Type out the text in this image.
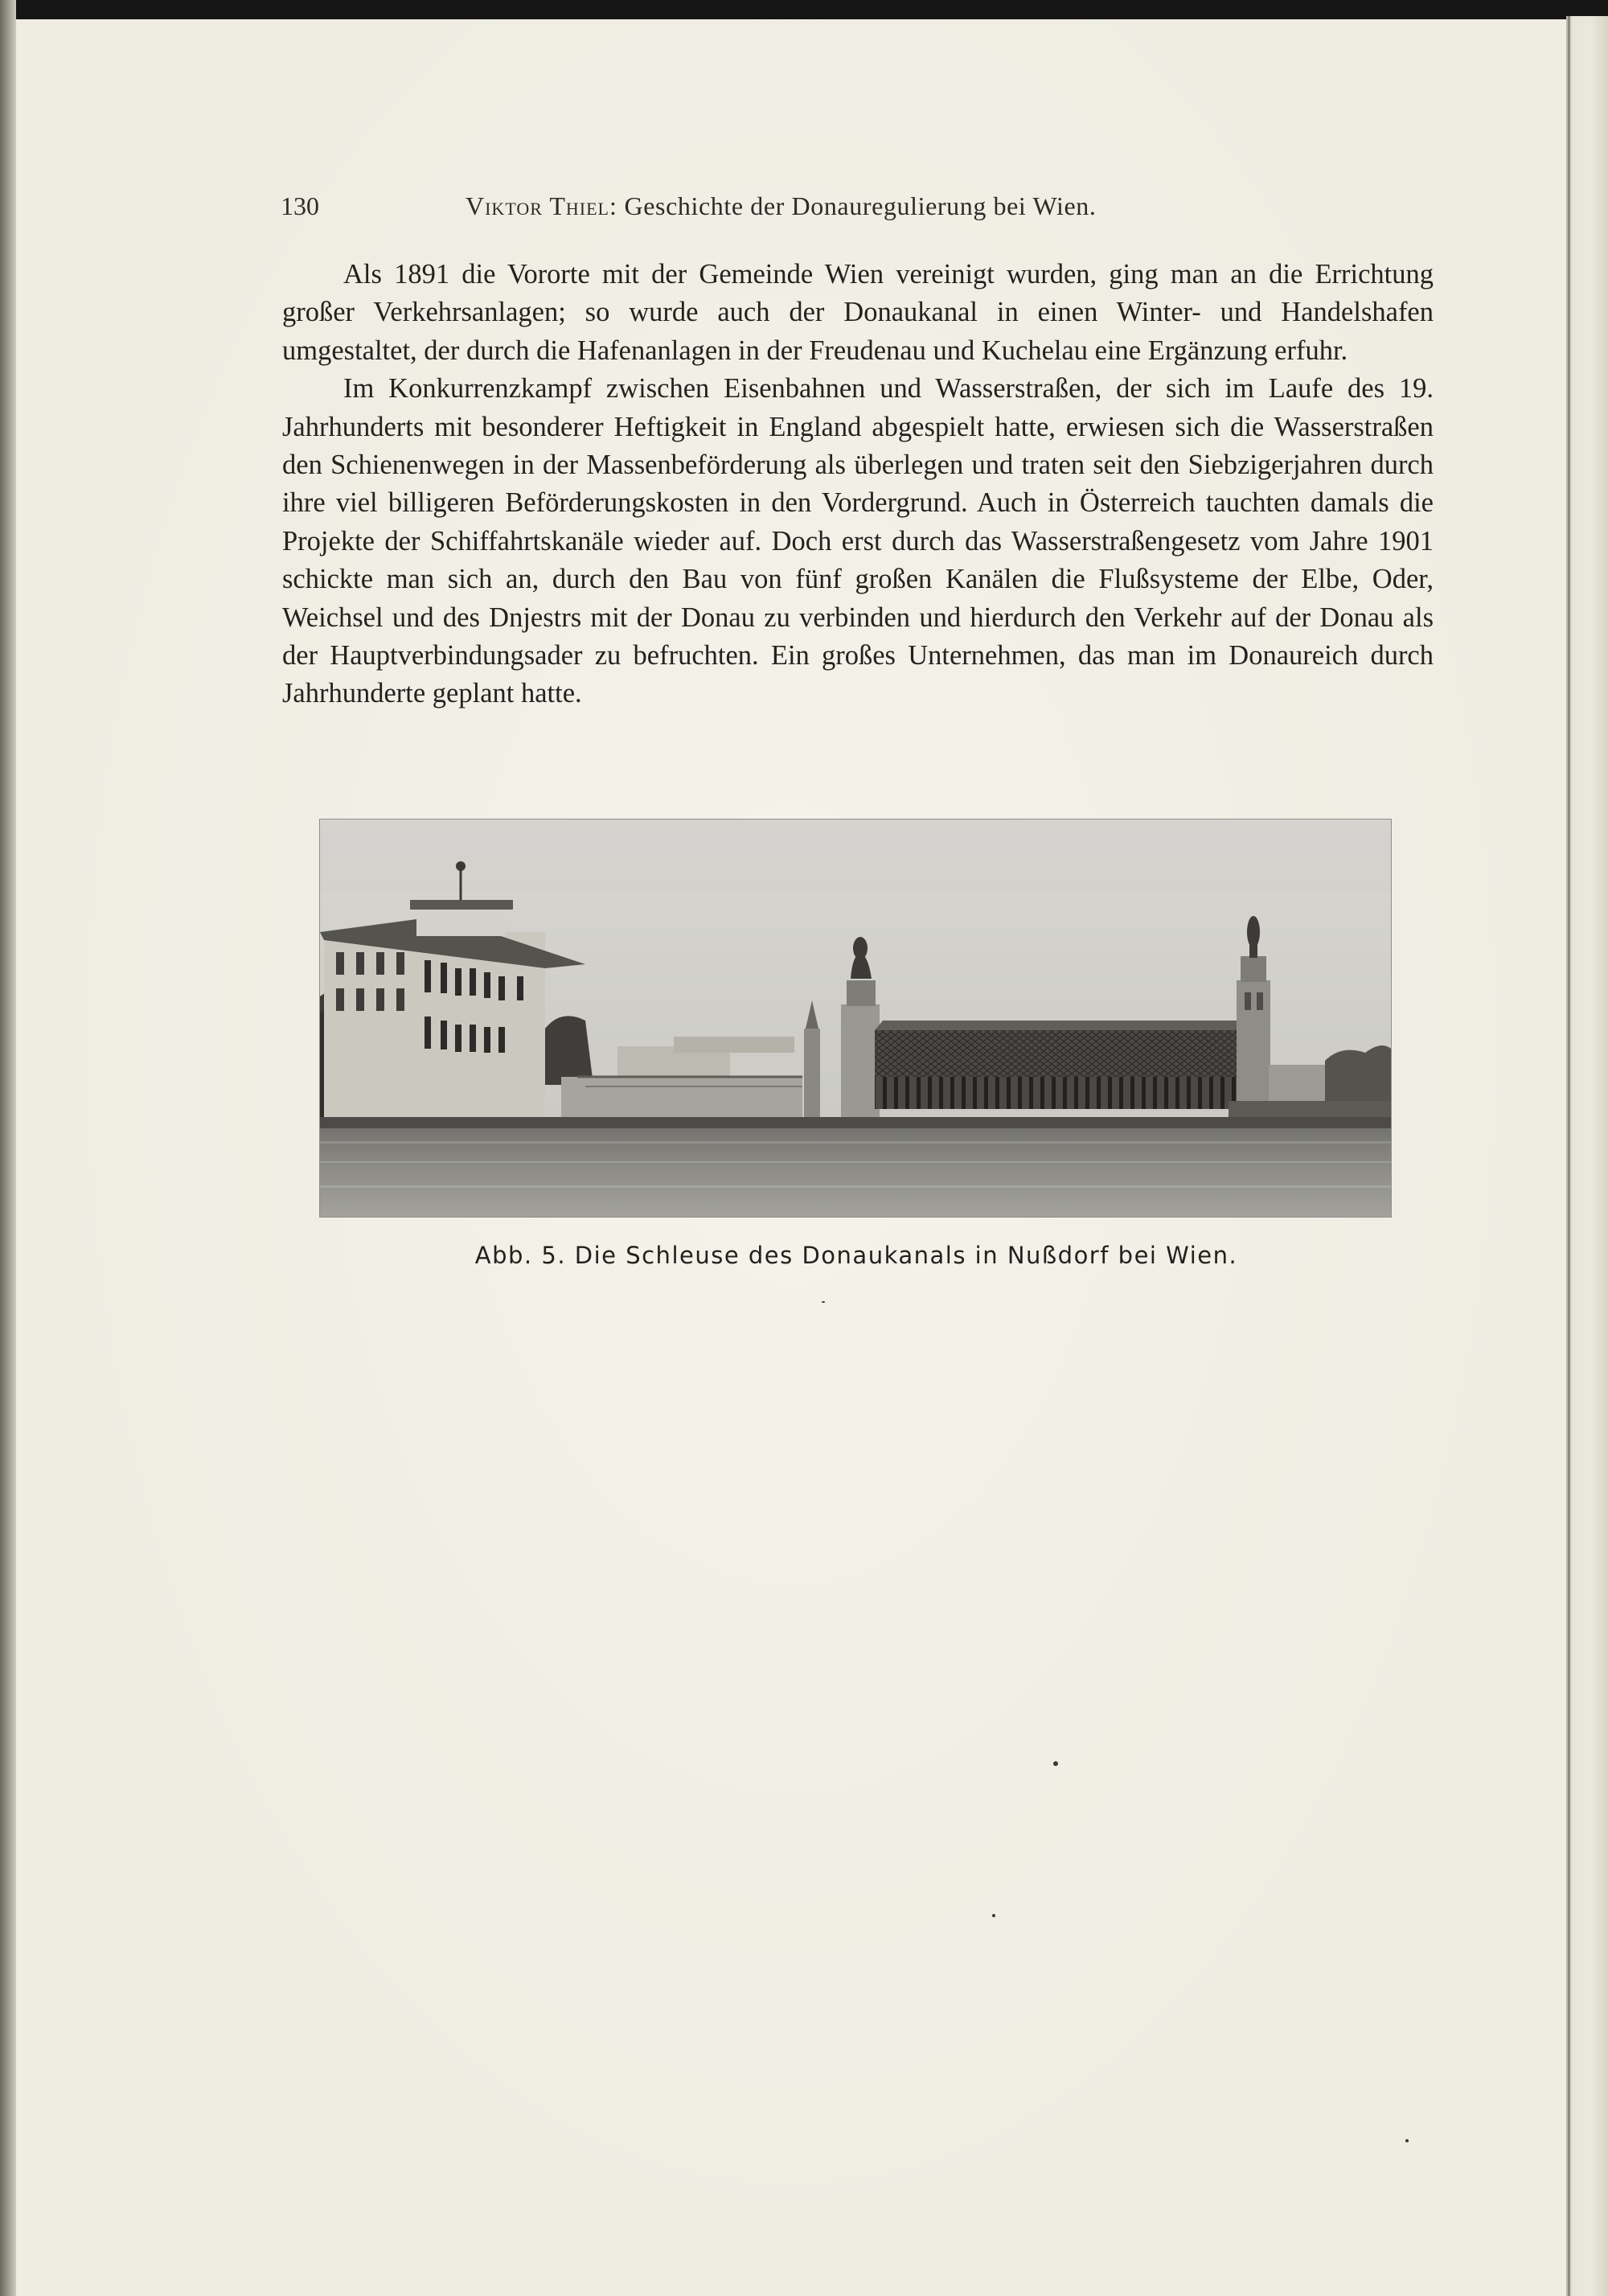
130	Viktor Thiel: Geschichte der Donauregulierung bei Wien.

Als 1891 die Vororte mit der Gemeinde Wien vereinigt wurden, ging man an die Errichtung großer Verkehrsanlagen; so wurde auch der Donaukanal in einen Winter- und Handelshafen umgestaltet, der durch die Hafenanlagen in der Freudenau und Kuchelau eine Ergänzung erfuhr.

Im Konkurrenzkampf zwischen Eisenbahnen und Wasserstraßen, der sich im Laufe des 19. Jahrhunderts mit besonderer Heftigkeit in England abgespielt hatte, erwiesen sich die Wasserstraßen den Schienenwegen in der Massenbeförderung als überlegen und traten seit den Siebzigerjahren durch ihre viel billigeren Beförderungskosten in den Vordergrund. Auch in Österreich tauchten damals die Projekte der Schiffahrtskanäle wieder auf. Doch erst durch das Wasserstraßengesetz vom Jahre 1901 schickte man sich an, durch den Bau von fünf großen Kanälen die Flußsysteme der Elbe, Oder, Weichsel und des Dnjestrs mit der Donau zu verbinden und hierdurch den Verkehr auf der Donau als der Hauptverbindungsader zu befruchten. Ein großes Unternehmen, das man im Donaureich durch Jahrhunderte geplant hatte.

Abb. 5. Die Schleuse des Donaukanals in Nußdorf bei Wien.
